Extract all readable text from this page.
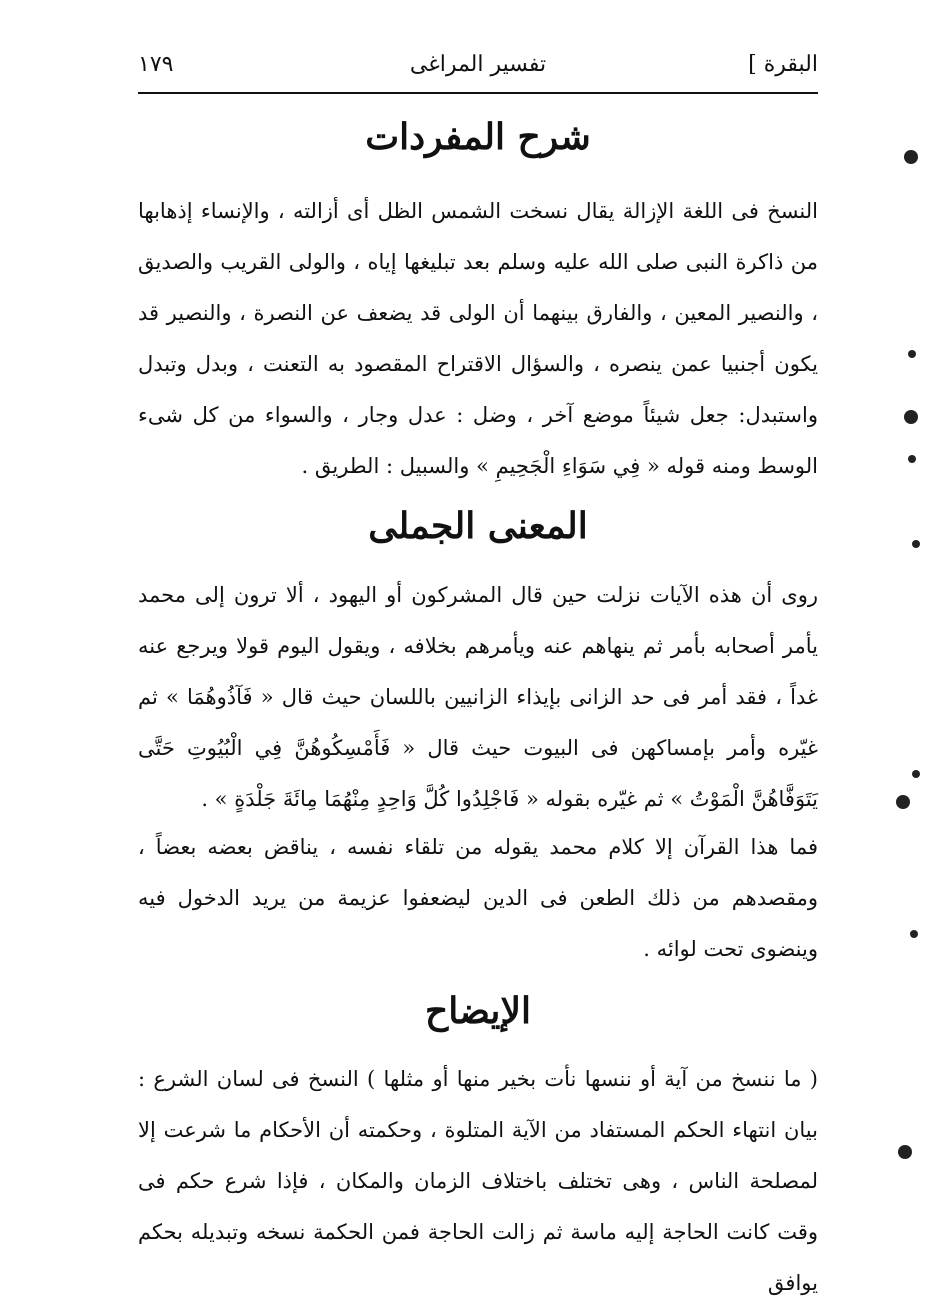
البقرة ]
تفسير المراغى
١٧٩
شرح المفردات

النسخ فى اللغة الإزالة يقال نسخت الشمس الظل أى أزالته ، والإنساء إذهابها من ذاكرة النبى صلى الله عليه وسلم بعد تبليغها إياه ، والولى القريب والصديق ، والنصير المعين ، والفارق بينهما أن الولى قد يضعف عن النصرة ، والنصير قد يكون أجنبيا عمن ينصره ، والسؤال الاقتراح المقصود به التعنت ، وبدل وتبدل واستبدل: جعل شيئاً موضع آخر ، وضل : عدل وجار ، والسواء من كل شىء الوسط ومنه قوله « فِي سَوَاءِ الْجَحِيمِ » والسبيل : الطريق .

المعنى الجملى

روى أن هذه الآيات نزلت حين قال المشركون أو اليهود ، ألا ترون إلى محمد يأمر أصحابه بأمر ثم ينهاهم عنه ويأمرهم بخلافه ، ويقول اليوم قولا ويرجع عنه غداً ، فقد أمر فى حد الزانى بإيذاء الزانيين باللسان حيث قال « فَآذُوهُمَا » ثم غيّره وأمر بإمساكهن فى البيوت حيث قال « فَأَمْسِكُوهُنَّ فِي الْبُيُوتِ حَتَّى يَتَوَفَّاهُنَّ الْمَوْتُ » ثم غيّره بقوله « فَاجْلِدُوا كُلَّ وَاحِدٍ مِنْهُمَا مِائَةَ جَلْدَةٍ » .

فما هذا القرآن إلا كلام محمد يقوله من تلقاء نفسه ، يناقض بعضه بعضاً ، ومقصدهم من ذلك الطعن فى الدين ليضعفوا عزيمة من يريد الدخول فيه وينضوى تحت لوائه .

الإيضاح

( ما ننسخ من آية أو ننسها نأت بخير منها أو مثلها ) النسخ فى لسان الشرع : بيان انتهاء الحكم المستفاد من الآية المتلوة ، وحكمته أن الأحكام ما شرعت إلا لمصلحة الناس ، وهى تختلف باختلاف الزمان والمكان ، فإذا شرع حكم فى وقت كانت الحاجة إليه ماسة ثم زالت الحاجة فمن الحكمة نسخه وتبديله بحكم يوافق
